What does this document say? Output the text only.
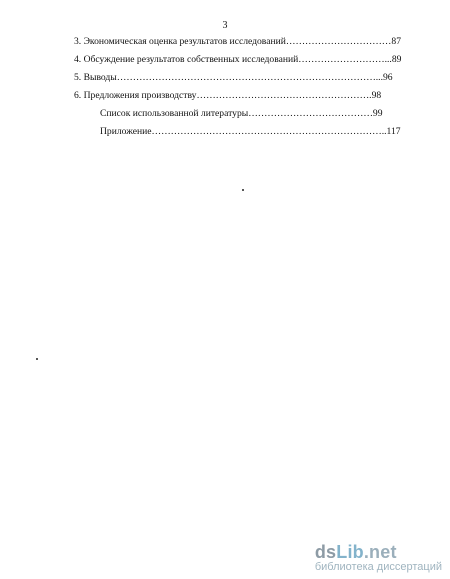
3
3. Экономическая оценка результатов исследований……………………………87
4. Обсуждение результатов собственных исследований………………………...89
5. Выводы………………………………………………………………………...96
6. Предложения производству……………………………………………….98
Список использованной литературы…………………………………99
Приложение………………………………………………………………..117
dsLib.net
библиотека диссертаций
